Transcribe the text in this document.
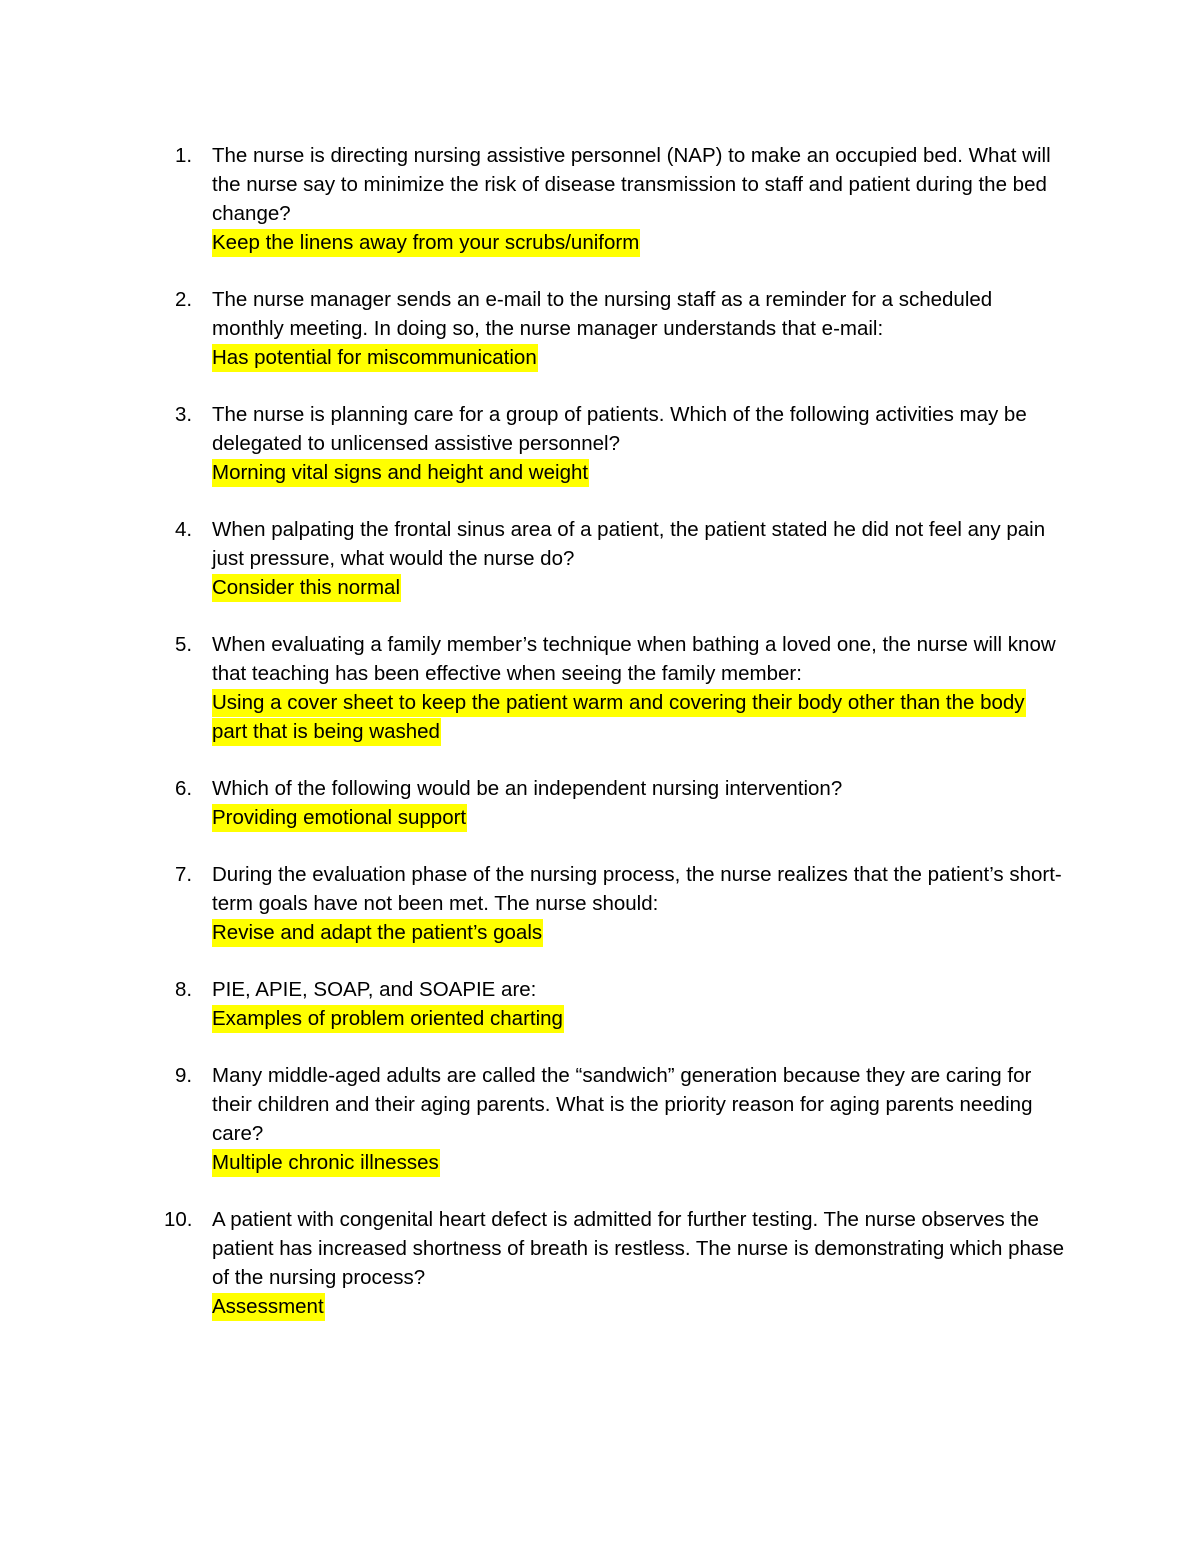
1. The nurse is directing nursing assistive personnel (NAP) to make an occupied bed. What will the nurse say to minimize the risk of disease transmission to staff and patient during the bed change?
Keep the linens away from your scrubs/uniform
2. The nurse manager sends an e-mail to the nursing staff as a reminder for a scheduled monthly meeting. In doing so, the nurse manager understands that e-mail:
Has potential for miscommunication
3. The nurse is planning care for a group of patients. Which of the following activities may be delegated to unlicensed assistive personnel?
Morning vital signs and height and weight
4. When palpating the frontal sinus area of a patient, the patient stated he did not feel any pain just pressure, what would the nurse do?
Consider this normal
5. When evaluating a family member’s technique when bathing a loved one, the nurse will know that teaching has been effective when seeing the family member:
Using a cover sheet to keep the patient warm and covering their body other than the body part that is being washed
6. Which of the following would be an independent nursing intervention?
Providing emotional support
7. During the evaluation phase of the nursing process, the nurse realizes that the patient’s short-term goals have not been met. The nurse should:
Revise and adapt the patient’s goals
8. PIE, APIE, SOAP, and SOAPIE are:
Examples of problem oriented charting
9. Many middle-aged adults are called the “sandwich” generation because they are caring for their children and their aging parents. What is the priority reason for aging parents needing care?
Multiple chronic illnesses
10. A patient with congenital heart defect is admitted for further testing. The nurse observes the patient has increased shortness of breath is restless. The nurse is demonstrating which phase of the nursing process?
Assessment
